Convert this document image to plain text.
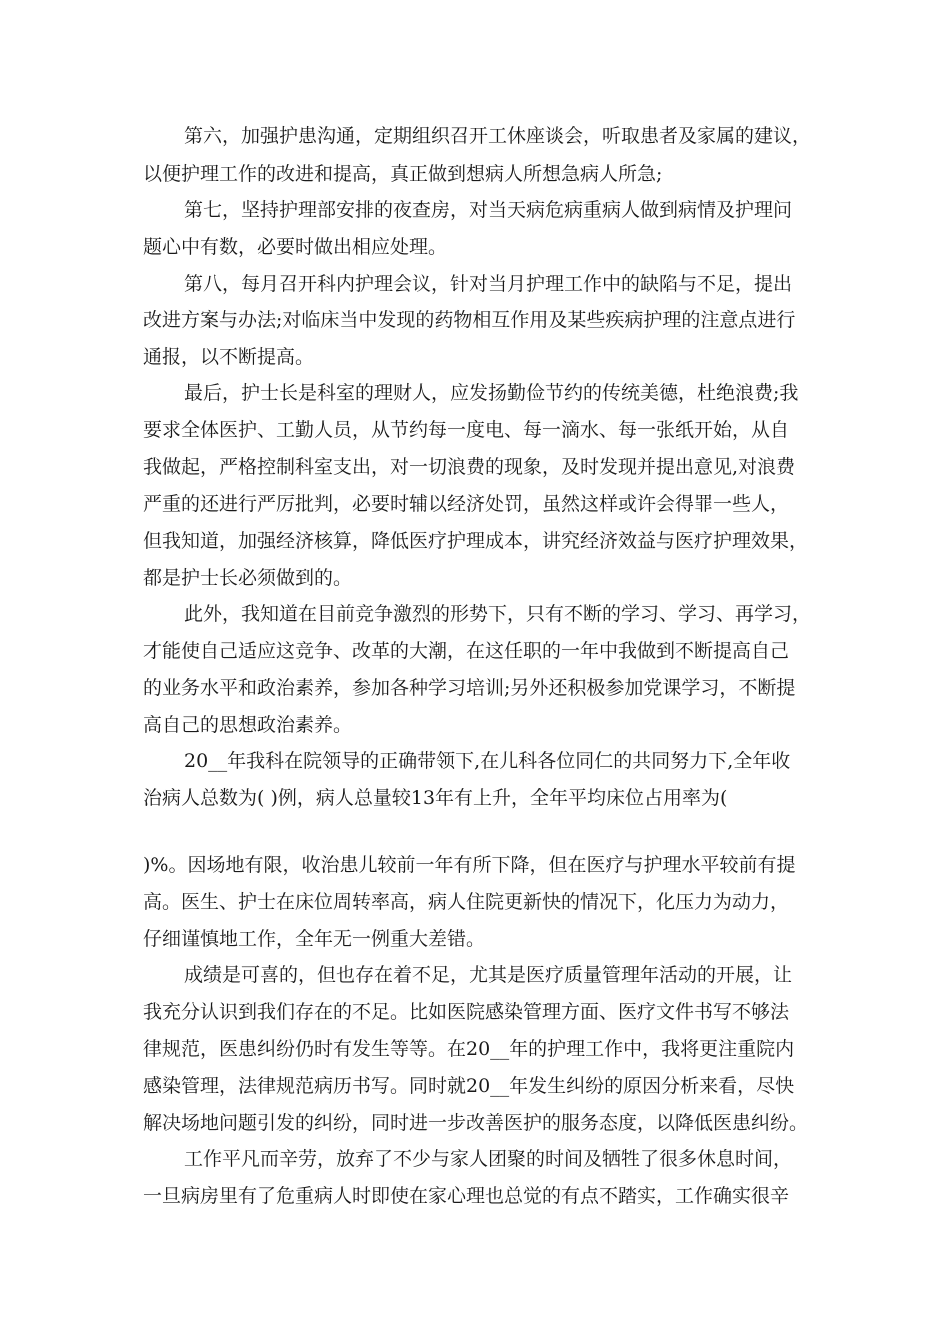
第六，加强护患沟通，定期组织召开工休座谈会，听取患者及家属的建议，
以便护理工作的改进和提高，真正做到想病人所想急病人所急;
第七，坚持护理部安排的夜查房，对当天病危病重病人做到病情及护理问
题心中有数，必要时做出相应处理。
第八，每月召开科内护理会议，针对当月护理工作中的缺陷与不足，提出
改进方案与办法;对临床当中发现的药物相互作用及某些疾病护理的注意点进行
通报，以不断提高。
最后，护士长是科室的理财人，应发扬勤俭节约的传统美德，杜绝浪费;我
要求全体医护、工勤人员，从节约每一度电、每一滴水、每一张纸开始，从自
我做起，严格控制科室支出，对一切浪费的现象，及时发现并提出意见,对浪费
严重的还进行严厉批判，必要时辅以经济处罚，虽然这样或许会得罪一些人，
但我知道，加强经济核算，降低医疗护理成本，讲究经济效益与医疗护理效果，
都是护士长必须做到的。
此外，我知道在目前竞争激烈的形势下，只有不断的学习、学习、再学习，
才能使自己适应这竞争、改革的大潮，在这任职的一年中我做到不断提高自己
的业务水平和政治素养，参加各种学习培训;另外还积极参加党课学习，不断提
高自己的思想政治素养。
20__年我科在院领导的正确带领下,在儿科各位同仁的共同努力下,全年收
治病人总数为( )例，病人总量较13年有上升，全年平均床位占用率为(
)%。因场地有限，收治患儿较前一年有所下降，但在医疗与护理水平较前有提
高。医生、护士在床位周转率高，病人住院更新快的情况下，化压力为动力，
仔细谨慎地工作，全年无一例重大差错。
成绩是可喜的，但也存在着不足，尤其是医疗质量管理年活动的开展，让
我充分认识到我们存在的不足。比如医院感染管理方面、医疗文件书写不够法
律规范，医患纠纷仍时有发生等等。在20__年的护理工作中，我将更注重院内
感染管理，法律规范病历书写。同时就20__年发生纠纷的原因分析来看，尽快
解决场地问题引发的纠纷，同时进一步改善医护的服务态度，以降低医患纠纷。
工作平凡而辛劳，放弃了不少与家人团聚的时间及牺牲了很多休息时间，
一旦病房里有了危重病人时即使在家心理也总觉的有点不踏实，工作确实很辛
